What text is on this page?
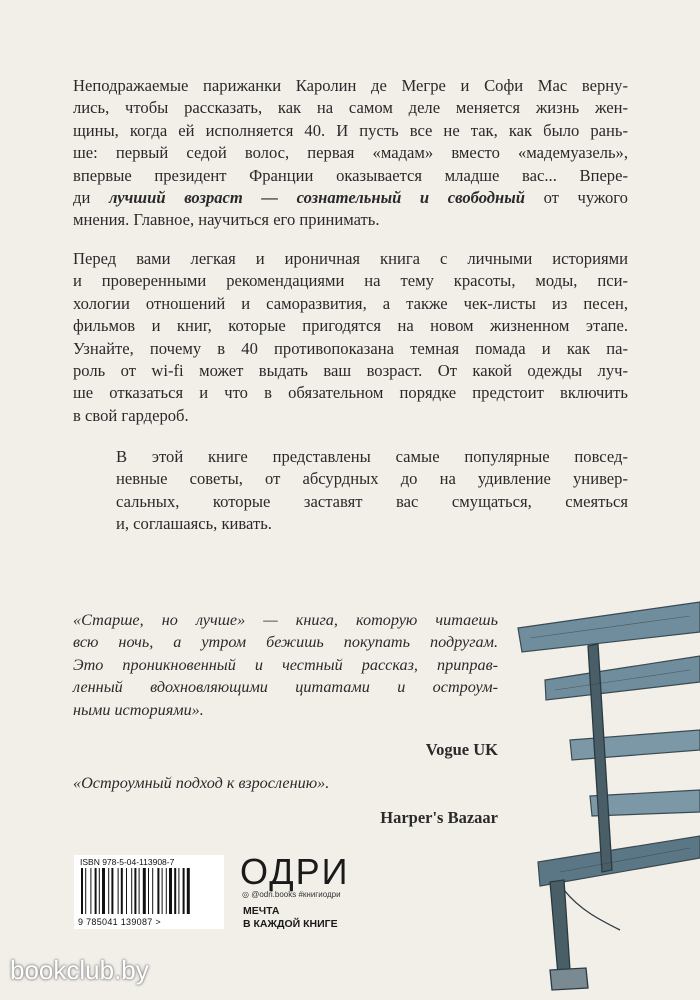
Неподражаемые парижанки Каролин де Мегре и Софи Мас верну-
лись, чтобы рассказать, как на самом деле меняется жизнь жен-
щины, когда ей исполняется 40. И пусть все не так, как было рань-
ше: первый седой волос, первая «мадам» вместо «мадемуазель»,
впервые президент Франции оказывается младше вас... Впере-
ди лучший возраст — сознательный и свободный от чужого
мнения. Главное, научиться его принимать.

Перед вами легкая и ироничная книга с личными историями
и проверенными рекомендациями на тему красоты, моды, пси-
хологии отношений и саморазвития, а также чек-листы из песен,
фильмов и книг, которые пригодятся на новом жизненном этапе.
Узнайте, почему в 40 противопоказана темная помада и как па-
роль от wi-fi может выдать ваш возраст. От какой одежды луч-
ше отказаться и что в обязательном порядке предстоит включить
в свой гардероб.

В этой книге представлены самые популярные повсед-
невные советы, от абсурдных до на удивление универ-
сальных, которые заставят вас смущаться, смеяться
и, соглашаясь, кивать.

«Старше, но лучше» — книга, которую читаешь
всю ночь, а утром бежишь покупать подругам.
Это проникновенный и честный рассказ, приправ-
ленный вдохновляющими цитатами и остроум-
ными историями».

Vogue UK

«Остроумный подход к взрослению».

Harper's Bazaar
ISBN 978-5-04-113908-7
9 785041 139087 >
ОДРИ
◎ @odri.books #книгиодри
МЕЧТА
В КАЖДОЙ КНИГЕ
bookclub.by
